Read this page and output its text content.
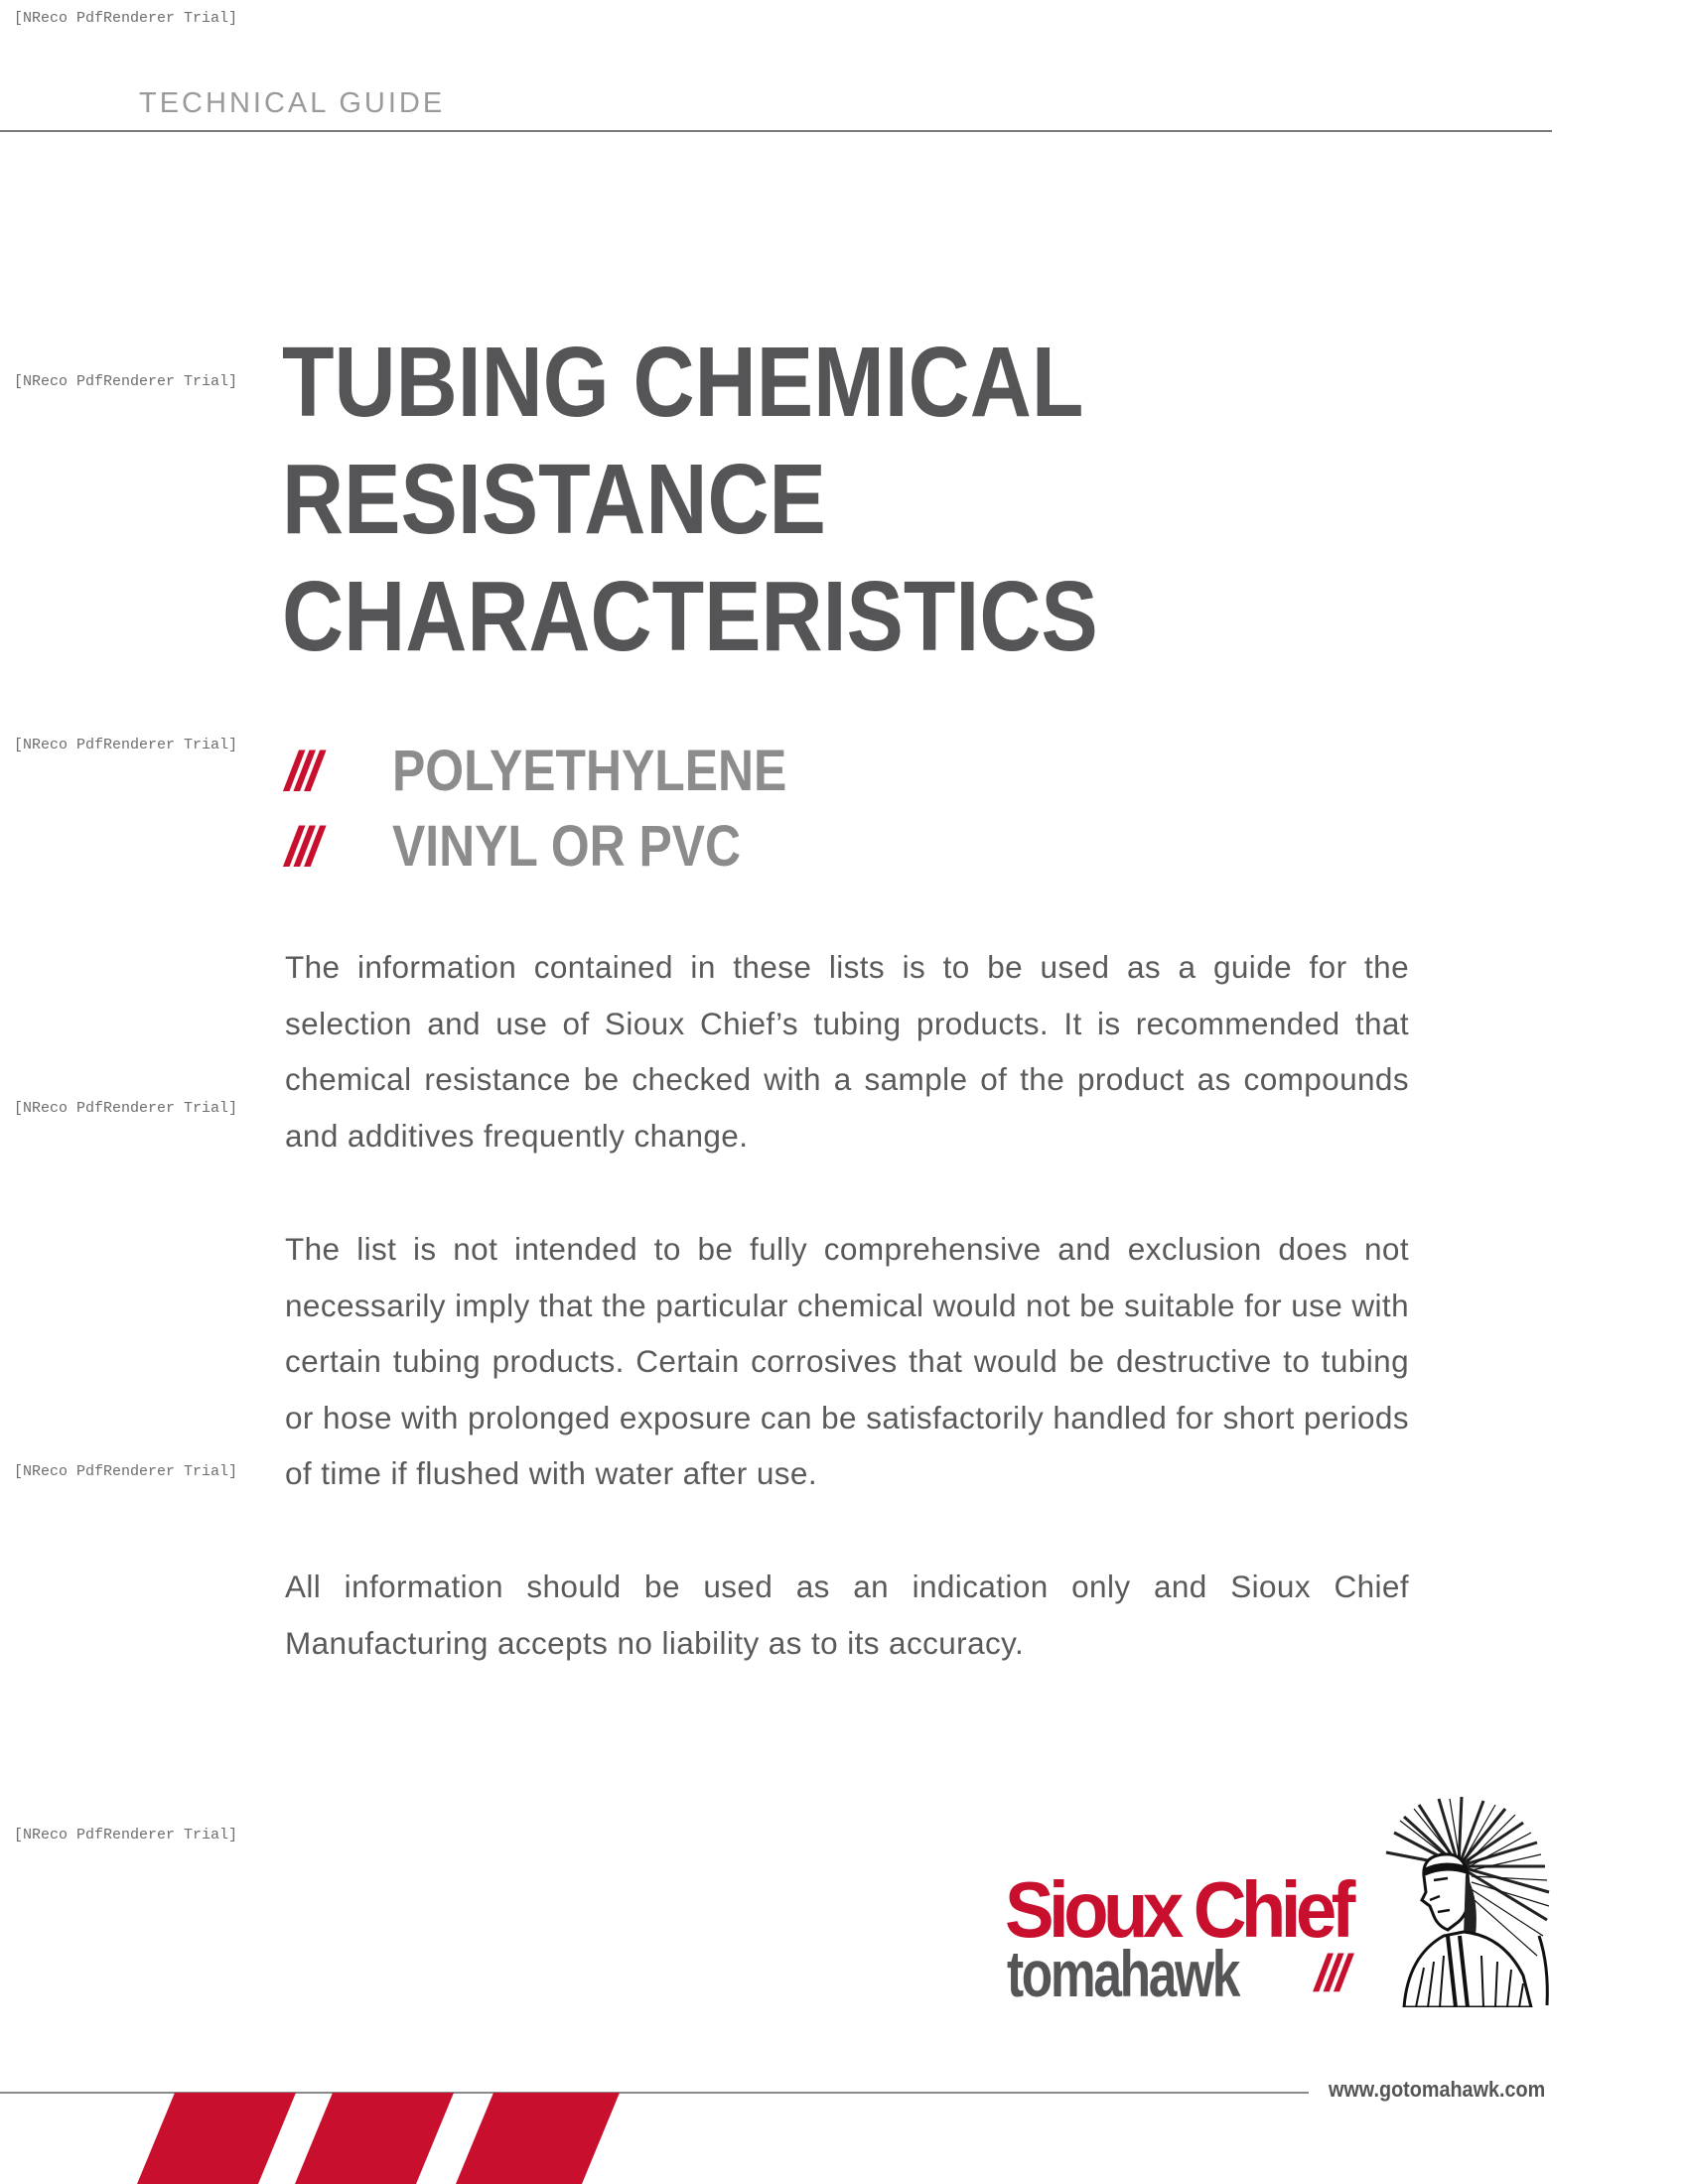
[NReco PdfRenderer Trial]
[NReco PdfRenderer Trial]
[NReco PdfRenderer Trial]
[NReco PdfRenderer Trial]
[NReco PdfRenderer Trial]
[NReco PdfRenderer Trial]
TECHNICAL GUIDE
TUBING CHEMICAL
RESISTANCE
CHARACTERISTICS
///	POLYETHYLENE
///	VINYL OR PVC

The information contained in these lists is to be used as a guide for the selection and use of Sioux Chief’s tubing products. It is recommended that chemical resistance be checked with a sample of the product as compounds and additives frequently change.

The list is not intended to be fully comprehensive and exclusion does not necessarily imply that the particular chemical would not be suitable for use with certain tubing products. Certain corrosives that would be destructive to tubing or hose with prolonged exposure can be satisfactorily handled for short periods of time if flushed with water after use.

All information should be used as an indication only and Sioux Chief Manufacturing accepts no liability as to its accuracy.

Sioux Chief
tomahawk ///
www.gotomahawk.com
